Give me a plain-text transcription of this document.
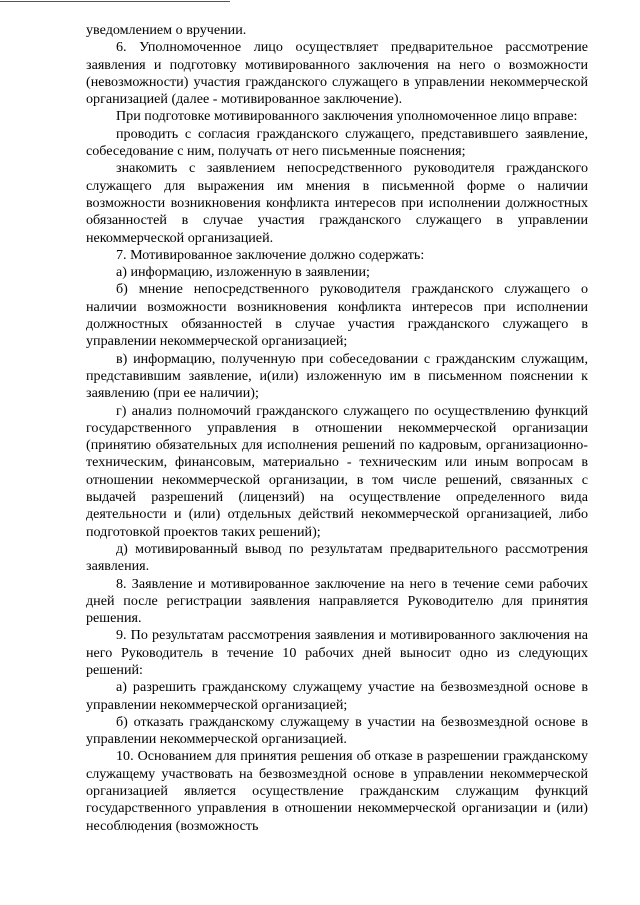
уведомлением о вручении.

6. Уполномоченное лицо осуществляет предварительное рассмотрение заявления и подготовку мотивированного заключения на него о возможности (невозможности) участия гражданского служащего в управлении некоммерческой организацией (далее - мотивированное заключение).

При подготовке мотивированного заключения уполномоченное лицо вправе:

проводить с согласия гражданского служащего, представившего заявление, собеседование с ним, получать от него письменные пояснения;

знакомить с заявлением непосредственного руководителя гражданского служащего для выражения им мнения в письменной форме о наличии возможности возникновения конфликта интересов при исполнении должностных обязанностей в случае участия гражданского служащего в управлении некоммерческой организацией.

7. Мотивированное заключение должно содержать:

а) информацию, изложенную в заявлении;

б) мнение непосредственного руководителя гражданского служащего о наличии возможности возникновения конфликта интересов при исполнении должностных обязанностей в случае участия гражданского служащего в управлении некоммерческой организацией;

в) информацию, полученную при собеседовании с гражданским служащим, представившим заявление, и(или) изложенную им в письменном пояснении к заявлению (при ее наличии);

г) анализ полномочий гражданского служащего по осуществлению функций государственного управления в отношении некоммерческой организации (принятию обязательных для исполнения решений по кадровым, организационно-техническим, финансовым, материально - техническим или иным вопросам в отношении некоммерческой организации, в том числе решений, связанных с выдачей разрешений (лицензий) на осуществление определенного вида деятельности и (или) отдельных действий некоммерческой организацией, либо подготовкой проектов таких решений);

д) мотивированный вывод по результатам предварительного рассмотрения заявления.

8. Заявление и мотивированное заключение на него в течение семи рабочих дней после регистрации заявления направляется Руководителю для принятия решения.

9. По результатам рассмотрения заявления и мотивированного заключения на него Руководитель в течение 10 рабочих дней выносит одно из следующих решений:

а) разрешить гражданскому служащему участие на безвозмездной основе в управлении некоммерческой организацией;

б) отказать гражданскому служащему в участии на безвозмездной основе в управлении некоммерческой организацией.

10. Основанием для принятия решения об отказе в разрешении гражданскому служащему участвовать на безвозмездной основе в управлении некоммерческой организацией является осуществление гражданским служащим функций государственного управления в отношении некоммерческой организации и (или) несоблюдения (возможность
